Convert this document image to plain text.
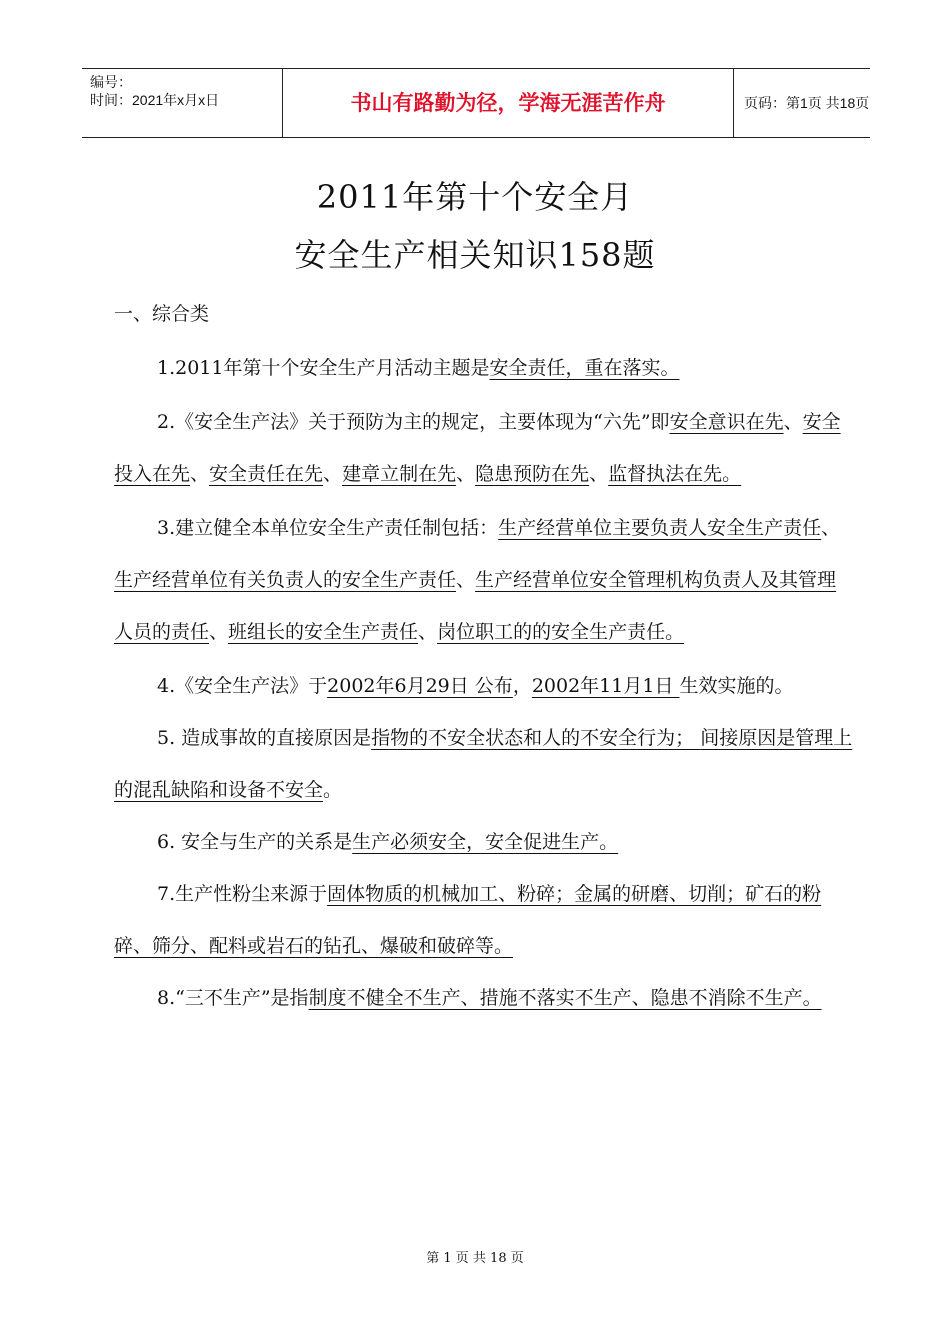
编号：
时间：2021年x月x日	书山有路勤为径，学海无涯苦作舟	页码：第1页 共18页
2011年第十个安全月
安全生产相关知识158题

一、综合类

1.2011年第十个安全生产月活动主题是安全责任，重在落实。

2.《安全生产法》关于预防为主的规定，主要体现为“六先”即安全意识在先、安全投入在先、安全责任在先、建章立制在先、隐患预防在先、监督执法在先。

3.建立健全本单位安全生产责任制包括：生产经营单位主要负责人安全生产责任、生产经营单位有关负责人的安全生产责任、生产经营单位安全管理机构负责人及其管理人员的责任、班组长的安全生产责任、岗位职工的的安全生产责任。

4.《安全生产法》于2002年6月29日 公布，2002年11月1日 生效实施的。

5. 造成事故的直接原因是指物的不安全状态和人的不安全行为； 间接原因是管理上的混乱缺陷和设备不安全。

6. 安全与生产的关系是生产必须安全，安全促进生产。

7.生产性粉尘来源于固体物质的机械加工、粉碎；金属的研磨、切削；矿石的粉碎、筛分、配料或岩石的钻孔、爆破和破碎等。

8.“三不生产”是指制度不健全不生产、措施不落实不生产、隐患不消除不生产。

第 1 页 共 18 页
